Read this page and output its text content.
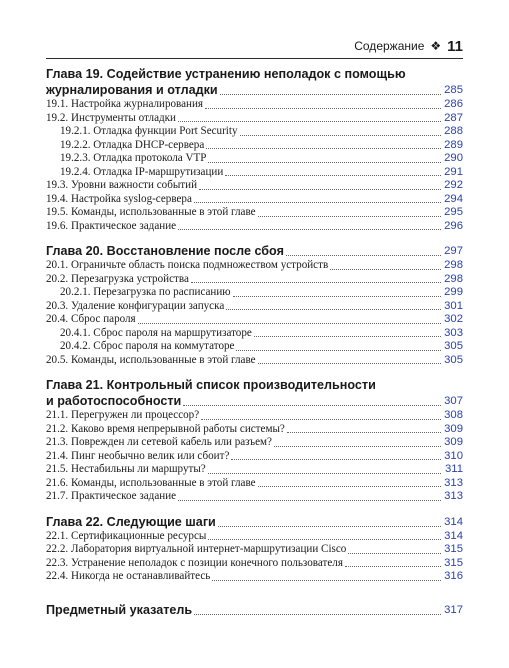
Содержание ❖ 11
Глава 19. Содействие устранению неполадок с помощью
журналирования и отладки	285
19.1. Настройка журналирования	286
19.2. Инструменты отладки	287
19.2.1. Отладка функции Port Security	288
19.2.2. Отладка DHCP-сервера	289
19.2.3. Отладка протокола VTP	290
19.2.4. Отладка IP-маршрутизации	291
19.3. Уровни важности событий	292
19.4. Настройка syslog-сервера	294
19.5. Команды, использованные в этой главе	295
19.6. Практическое задание	296
Глава 20. Восстановление после сбоя	297
20.1. Ограничьте область поиска подмножеством устройств	298
20.2. Перезагрузка устройства	298
20.2.1. Перезагрузка по расписанию	299
20.3. Удаление конфигурации запуска	301
20.4. Сброс пароля	302
20.4.1. Сброс пароля на маршрутизаторе	303
20.4.2. Сброс пароля на коммутаторе	305
20.5. Команды, использованные в этой главе	305
Глава 21. Контрольный список производительности
и работоспособности	307
21.1. Перегружен ли процессор?	308
21.2. Каково время непрерывной работы системы?	309
21.3. Поврежден ли сетевой кабель или разъем?	309
21.4. Пинг необычно велик или сбоит?	310
21.5. Нестабильны ли маршруты?	311
21.6. Команды, использованные в этой главе	313
21.7. Практическое задание	313
Глава 22. Следующие шаги	314
22.1. Сертификационные ресурсы	314
22.2. Лаборатория виртуальной интернет-маршрутизации Cisco	315
22.3. Устранение неполадок с позиции конечного пользователя	315
22.4. Никогда не останавливайтесь	316
Предметный указатель	317
